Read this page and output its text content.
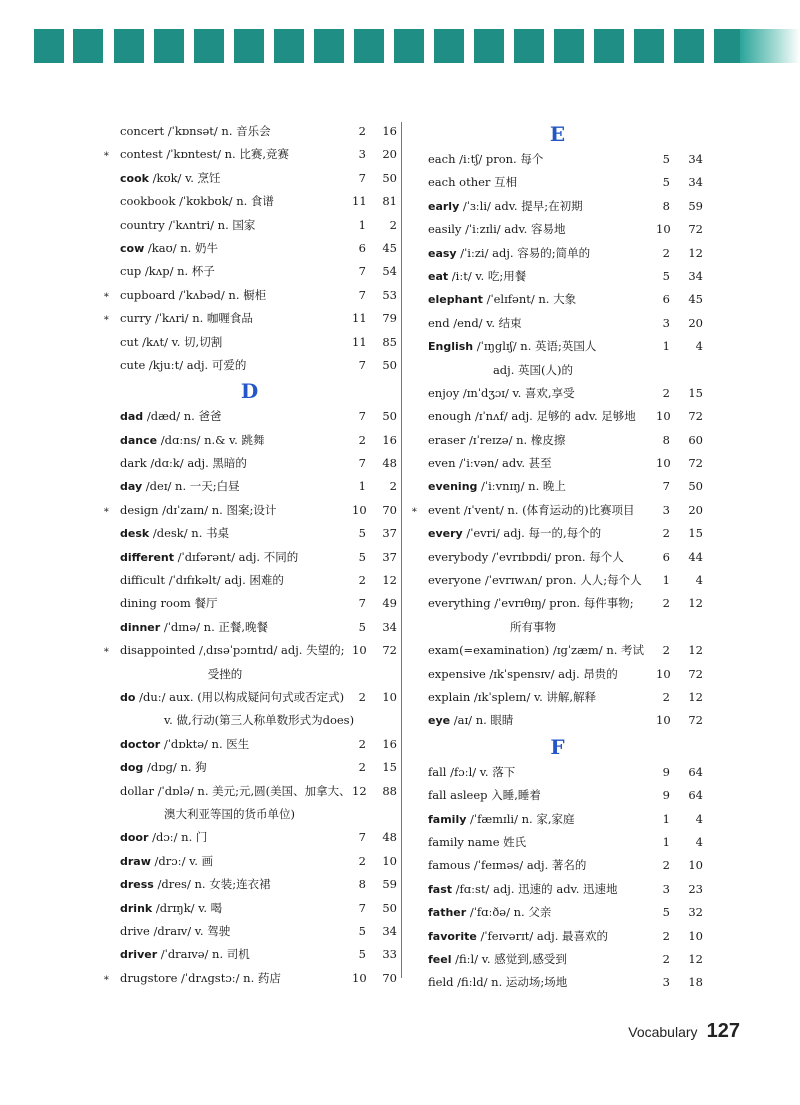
concert /ˈkɒnsət/ n. 音乐会	2	16
∗ contest /ˈkɒntest/ n. 比赛,竞赛	3	20
cook /kʊk/ v. 烹饪	7	50
cookbook /ˈkʊkbʊk/ n. 食谱	11	81
country /ˈkʌntri/ n. 国家	1	2
cow /kaʊ/ n. 奶牛	6	45
cup /kʌp/ n. 杯子	7	54
∗ cupboard /ˈkʌbəd/ n. 橱柜	7	53
∗ curry /ˈkʌri/ n. 咖喱食品	11	79
cut /kʌt/ v. 切,切割	11	85
cute /kjuːt/ adj. 可爱的	7	50
D
dad /dæd/ n. 爸爸	7	50
dance /dɑːns/ n.& v. 跳舞	2	16
dark /dɑːk/ adj. 黑暗的	7	48
day /deɪ/ n. 一天;白昼	1	2
∗ design /dɪˈzaɪn/ n. 图案;设计	10	70
desk /desk/ n. 书桌	5	37
different /ˈdɪfərənt/ adj. 不同的	5	37
difficult /ˈdɪfɪkəlt/ adj. 困难的	2	12
dining room 餐厅	7	49
dinner /ˈdɪnə/ n. 正餐,晚餐	5	34
∗ disappointed /ˌdɪsəˈpɔɪntɪd/ adj. 失望的; 10	72
受挫的
do /duː/ aux. (用以构成疑问句式或否定式)	2	10
v. 做,行动(第三人称单数形式为does)
doctor /ˈdɒktə/ n. 医生	2	16
dog /dɒg/ n. 狗	2	15
dollar /ˈdɒlə/ n. 美元;元,圆(美国、加拿大、 12	88
澳大利亚等国的货币单位)
door /dɔː/ n. 门	7	48
draw /drɔː/ v. 画	2	10
dress /dres/ n. 女装;连衣裙	8	59
drink /drɪŋk/ v. 喝	7	50
drive /draɪv/ v. 驾驶	5	34
driver /ˈdraɪvə/ n. 司机	5	33
∗ drugstore /ˈdrʌgstɔː/ n. 药店	10	70
E
each /iːtʃ/ pron. 每个	5	34
each other 互相	5	34
early /ˈɜːli/ adv. 提早;在初期	8	59
easily /ˈiːzɪli/ adv. 容易地	10	72
easy /ˈiːzi/ adj. 容易的;简单的	2	12
eat /iːt/ v. 吃;用餐	5	34
elephant /ˈelɪfənt/ n. 大象	6	45
end /end/ v. 结束	3	20
English /ˈɪŋglɪʃ/ n. 英语;英国人	1	4
adj. 英国(人)的
enjoy /ɪnˈdʒɔɪ/ v. 喜欢,享受	2	15
enough /ɪˈnʌf/ adj. 足够的 adv. 足够地 10	72
eraser /ɪˈreɪzə/ n. 橡皮擦	8	60
even /ˈiːvən/ adv. 甚至	10	72
evening /ˈiːvnɪŋ/ n. 晚上	7	50
∗ event /ɪˈvent/ n. (体育运动的)比赛项目	3	20
every /ˈevri/ adj. 每一的,每个的	2	15
everybody /ˈevrɪbɒdi/ pron. 每个人	6	44
everyone /ˈevrɪwʌn/ pron. 人人;每个人	1	4
everything /ˈevrɪθɪŋ/ pron. 每件事物;	2	12
所有事物
exam(=examination) /ɪgˈzæm/ n. 考试	2	12
expensive /ɪkˈspensɪv/ adj. 昂贵的	10	72
explain /ɪkˈspleɪn/ v. 讲解,解释	2	12
eye /aɪ/ n. 眼睛	10	72
F
fall /fɔːl/ v. 落下	9	64
fall asleep 入睡,睡着	9	64
family /ˈfæmɪli/ n. 家,家庭	1	4
family name 姓氏	1	4
famous /ˈfeɪməs/ adj. 著名的	2	10
fast /fɑːst/ adj. 迅速的 adv. 迅速地	3	23
father /ˈfɑːðə/ n. 父亲	5	32
favorite /ˈfeɪvərɪt/ adj. 最喜欢的	2	10
feel /fiːl/ v. 感觉到,感受到	2	12
field /fiːld/ n. 运动场;场地	3	18
Vocabulary 127
